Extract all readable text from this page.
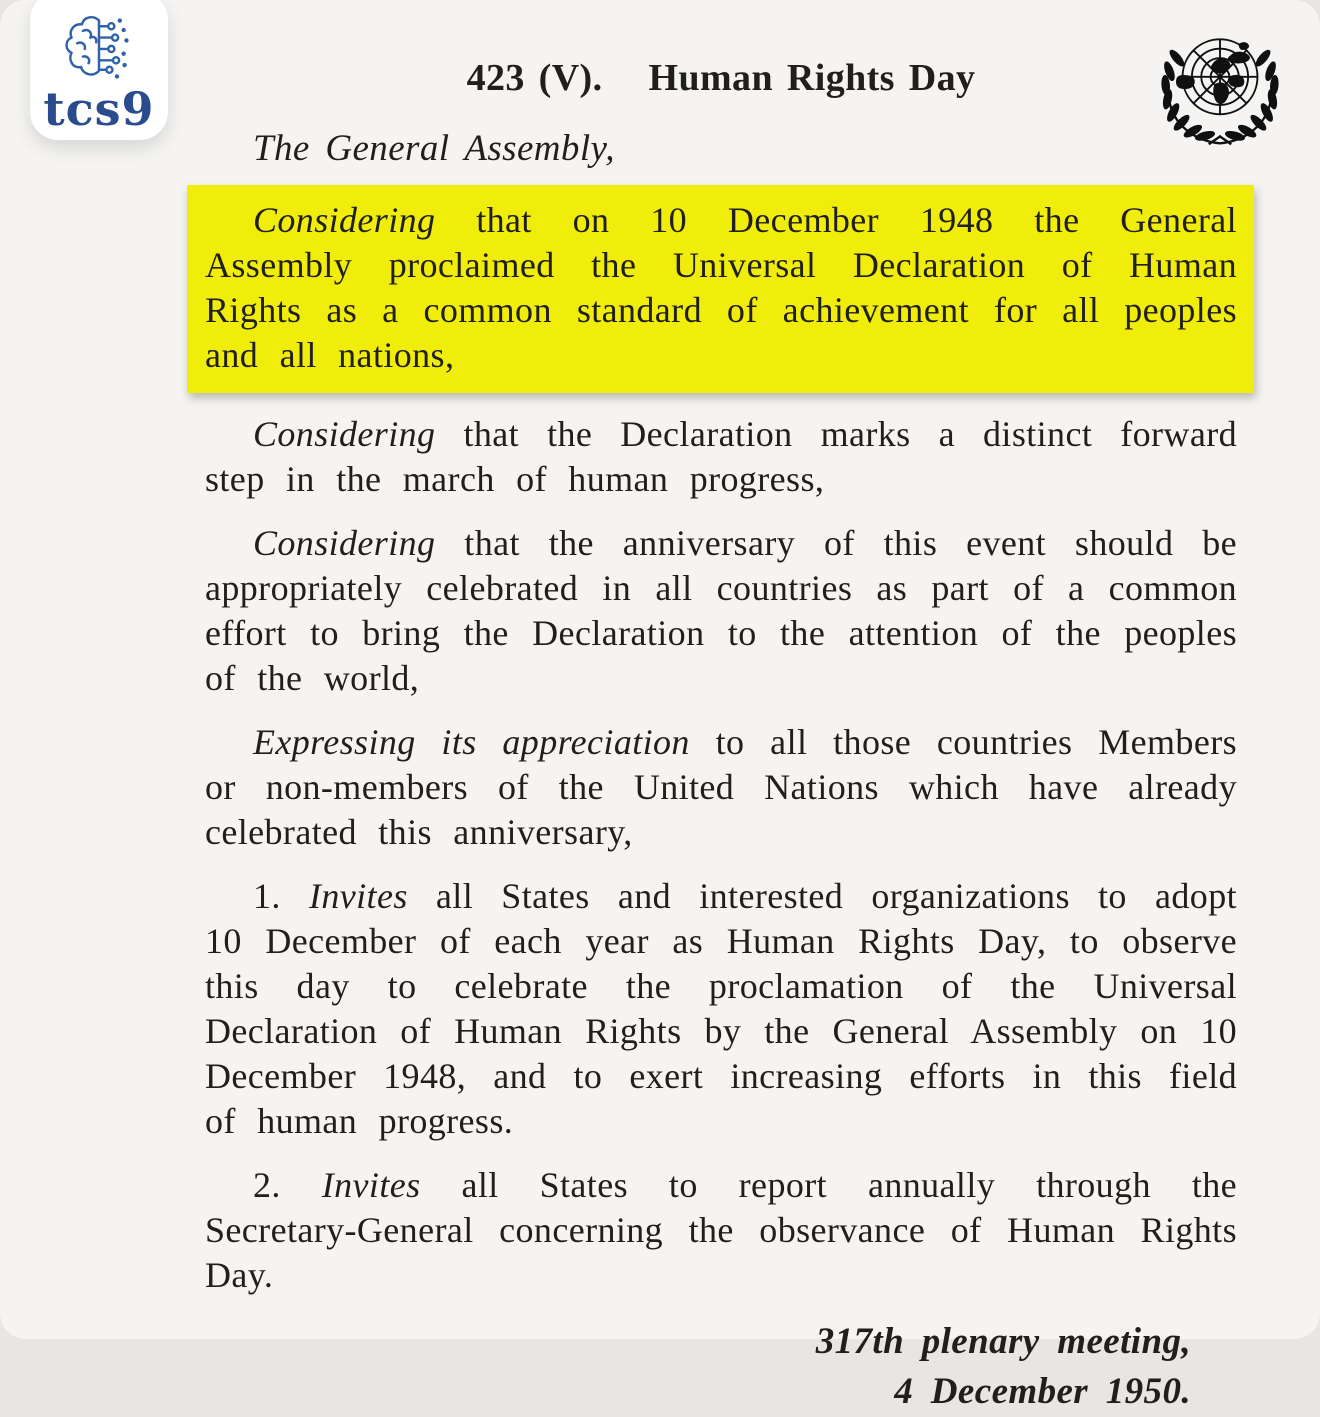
tcs9
423 (V). Human Rights Day
The General Assembly,

Considering that on 10 December 1948 the General Assembly proclaimed the Universal Declaration of Human Rights as a common standard of achievement for all peoples and all nations,

Considering that the Declaration marks a distinct forward step in the march of human progress,

Considering that the anniversary of this event should be appropriately celebrated in all countries as part of a common effort to bring the Declaration to the attention of the peoples of the world,

Expressing its appreciation to all those countries Members or non-members of the United Nations which have already celebrated this anniversary,

1. Invites all States and interested organizations to adopt 10 December of each year as Human Rights Day, to observe this day to celebrate the proclamation of the Universal Declaration of Human Rights by the General Assembly on 10 December 1948, and to exert increasing efforts in this field of human progress.

2. Invites all States to report annually through the Secretary-General concerning the observance of Human Rights Day.

317th plenary meeting,
4 December 1950.
